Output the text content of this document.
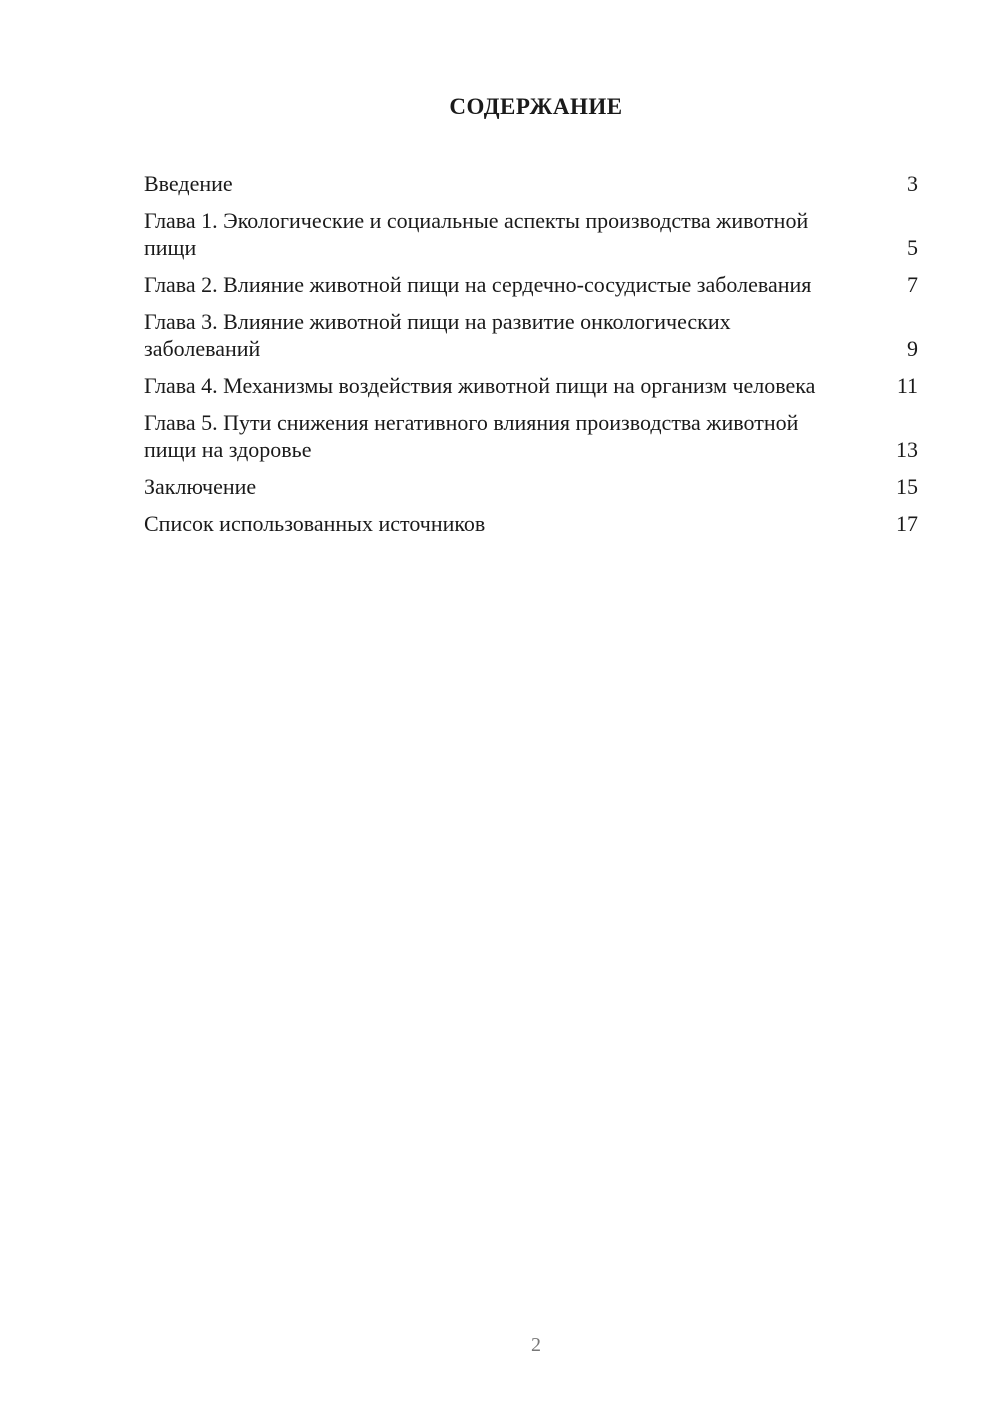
СОДЕРЖАНИЕ
Введение	3
Глава 1. Экологические и социальные аспекты производства животной пищи	5
Глава 2. Влияние животной пищи на сердечно-сосудистые заболевания	7
Глава 3. Влияние животной пищи на развитие онкологических заболеваний	9
Глава 4. Механизмы воздействия животной пищи на организм человека	11
Глава 5. Пути снижения негативного влияния производства животной пищи на здоровье	13
Заключение	15
Список использованных источников	17
2
